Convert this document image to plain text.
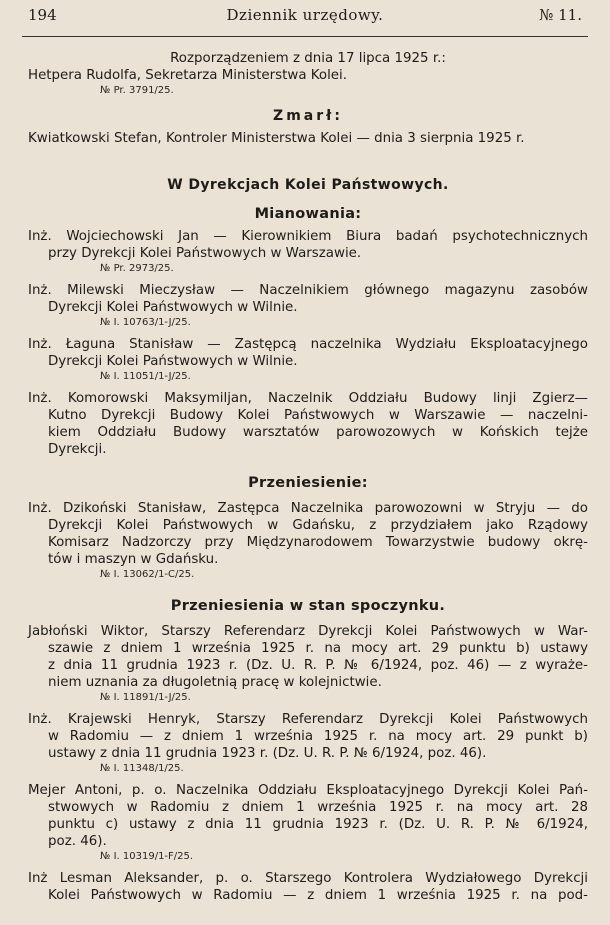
194	Dziennik urzędowy.	№ 11.
Rozporządzeniem z dnia 17 lipca 1925 r.:
Hetpera Rudolfa, Sekretarza Ministerstwa Kolei.
№ Pr. 3791/25.
Zmarł:
Kwiatkowski Stefan, Kontroler Ministerstwa Kolei — dnia 3 sierpnia 1925 r.
W Dyrekcjach Kolei Państwowych.
Mianowania:
Inż. Wojciechowski Jan — Kierownikiem Biura badań psychotechnicznych
przy Dyrekcji Kolei Państwowych w Warszawie.
№ Pr. 2973/25.
Inż. Milewski Mieczysław — Naczelnikiem głównego magazynu zasobów
Dyrekcji Kolei Państwowych w Wilnie.
№ I. 10763/1-J/25.
Inż. Łaguna Stanisław — Zastępcą naczelnika Wydziału Eksploatacyjnego
Dyrekcji Kolei Państwowych w Wilnie.
№ I. 11051/1-J/25.
Inż. Komorowski Maksymiljan, Naczelnik Oddziału Budowy linji Zgierz—
Kutno Dyrekcji Budowy Kolei Państwowych w Warszawie — naczelni-
kiem Oddziału Budowy warsztatów parowozowych w Końskich tejże
Dyrekcji.
Przeniesienie:
Inż. Dzikoński Stanisław, Zastępca Naczelnika parowozowni w Stryju — do
Dyrekcji Kolei Państwowych w Gdańsku, z przydziałem jako Rządowy
Komisarz Nadzorczy przy Międzynarodowem Towarzystwie budowy okrę-
tów i maszyn w Gdańsku.
№ I. 13062/1-C/25.
Przeniesienia w stan spoczynku.
Jabłoński Wiktor, Starszy Referendarz Dyrekcji Kolei Państwowych w War-
szawie z dniem 1 września 1925 r. na mocy art. 29 punktu b) ustawy
z dnia 11 grudnia 1923 r. (Dz. U. R. P. № 6/1924, poz. 46) — z wyraże-
niem uznania za długoletnią pracę w kolejnictwie.
№ I. 11891/1-J/25.
Inż. Krajewski Henryk, Starszy Referendarz Dyrekcji Kolei Państwowych
w Radomiu — z dniem 1 września 1925 r. na mocy art. 29 punkt b)
ustawy z dnia 11 grudnia 1923 r. (Dz. U. R. P. № 6/1924, poz. 46).
№ I. 11348/1/25.
Mejer Antoni, p. o. Naczelnika Oddziału Eksploatacyjnego Dyrekcji Kolei Pań-
stwowych w Radomiu z dniem 1 września 1925 r. na mocy art. 28
punktu c) ustawy z dnia 11 grudnia 1923 r. (Dz. U. R. P. № 6/1924,
poz. 46).
№ I. 10319/1-F/25.
Inż Lesman Aleksander, p. o. Starszego Kontrolera Wydziałowego Dyrekcji
Kolei Państwowych w Radomiu — z dniem 1 września 1925 r. na pod-
